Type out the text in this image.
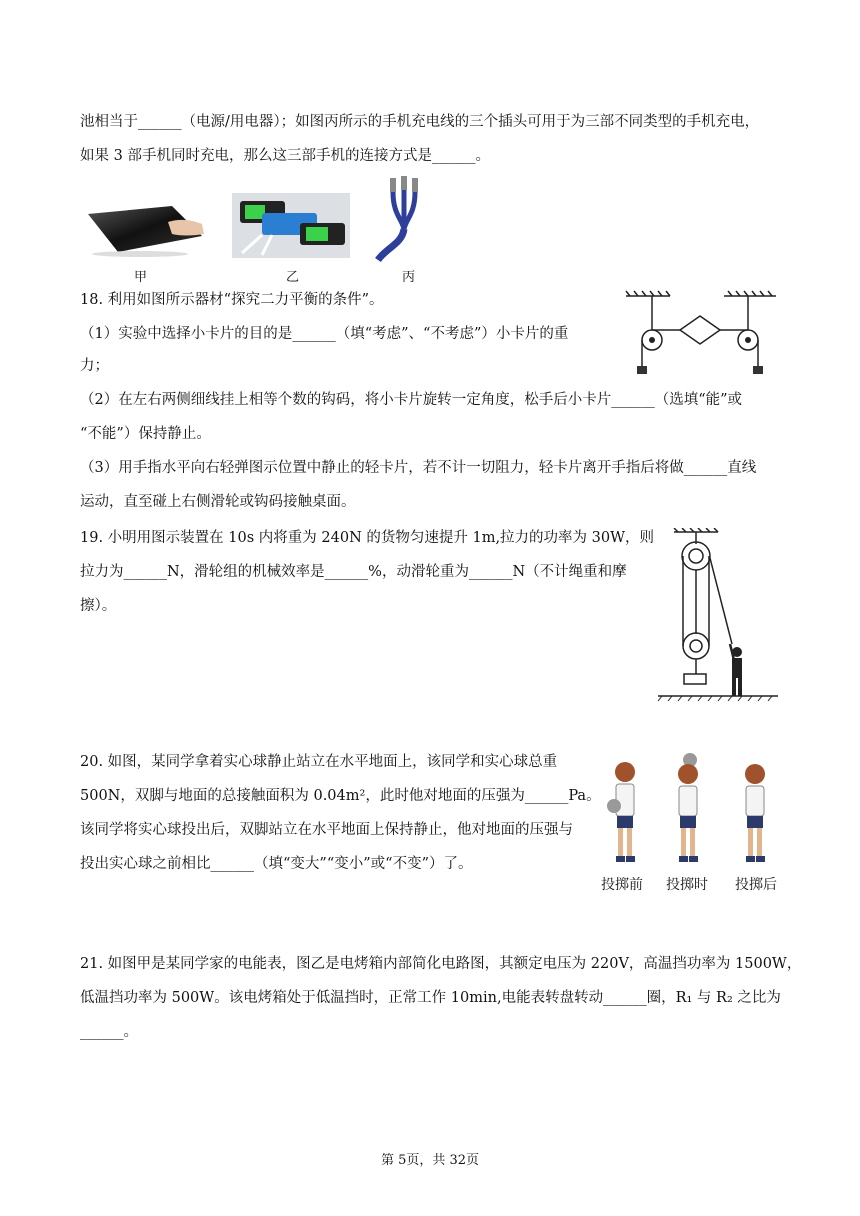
池相当于______（电源/用电器）；如图丙所示的手机充电线的三个插头可用于为三部不同类型的手机充电，
如果 3 部手机同时充电，那么这三部手机的连接方式是______。
甲	乙	丙
18. 利用如图所示器材“探究二力平衡的条件”。
（1）实验中选择小卡片的目的是______（填“考虑”、“不考虑”）小卡片的重
力；
（2）在左右两侧细线挂上相等个数的钩码，将小卡片旋转一定角度，松手后小卡片______（选填“能”或
“不能”）保持静止。
（3）用手指水平向右轻弹图示位置中静止的轻卡片，若不计一切阻力，轻卡片离开手指后将做______直线
运动，直至碰上右侧滑轮或钩码接触桌面。
19. 小明用图示装置在 10s 内将重为 240N 的货物匀速提升 1m,拉力的功率为 30W，则
拉力为______N，滑轮组的机械效率是______%，动滑轮重为______N（不计绳重和摩
擦）。
20. 如图，某同学拿着实心球静止站立在水平地面上，该同学和实心球总重
500N，双脚与地面的总接触面积为 0.04m²，此时他对地面的压强为______Pa。
该同学将实心球投出后，双脚站立在水平地面上保持静止，他对地面的压强与
投出实心球之前相比______（填“变大”“变小”或“不变”）了。
投掷前 投掷时 投掷后
21. 如图甲是某同学家的电能表，图乙是电烤箱内部简化电路图，其额定电压为 220V，高温挡功率为 1500W，
低温挡功率为 500W。该电烤箱处于低温挡时，正常工作 10min,电能表转盘转动______圈，R₁ 与 R₂ 之比为
______。
第 5页，共 32页
